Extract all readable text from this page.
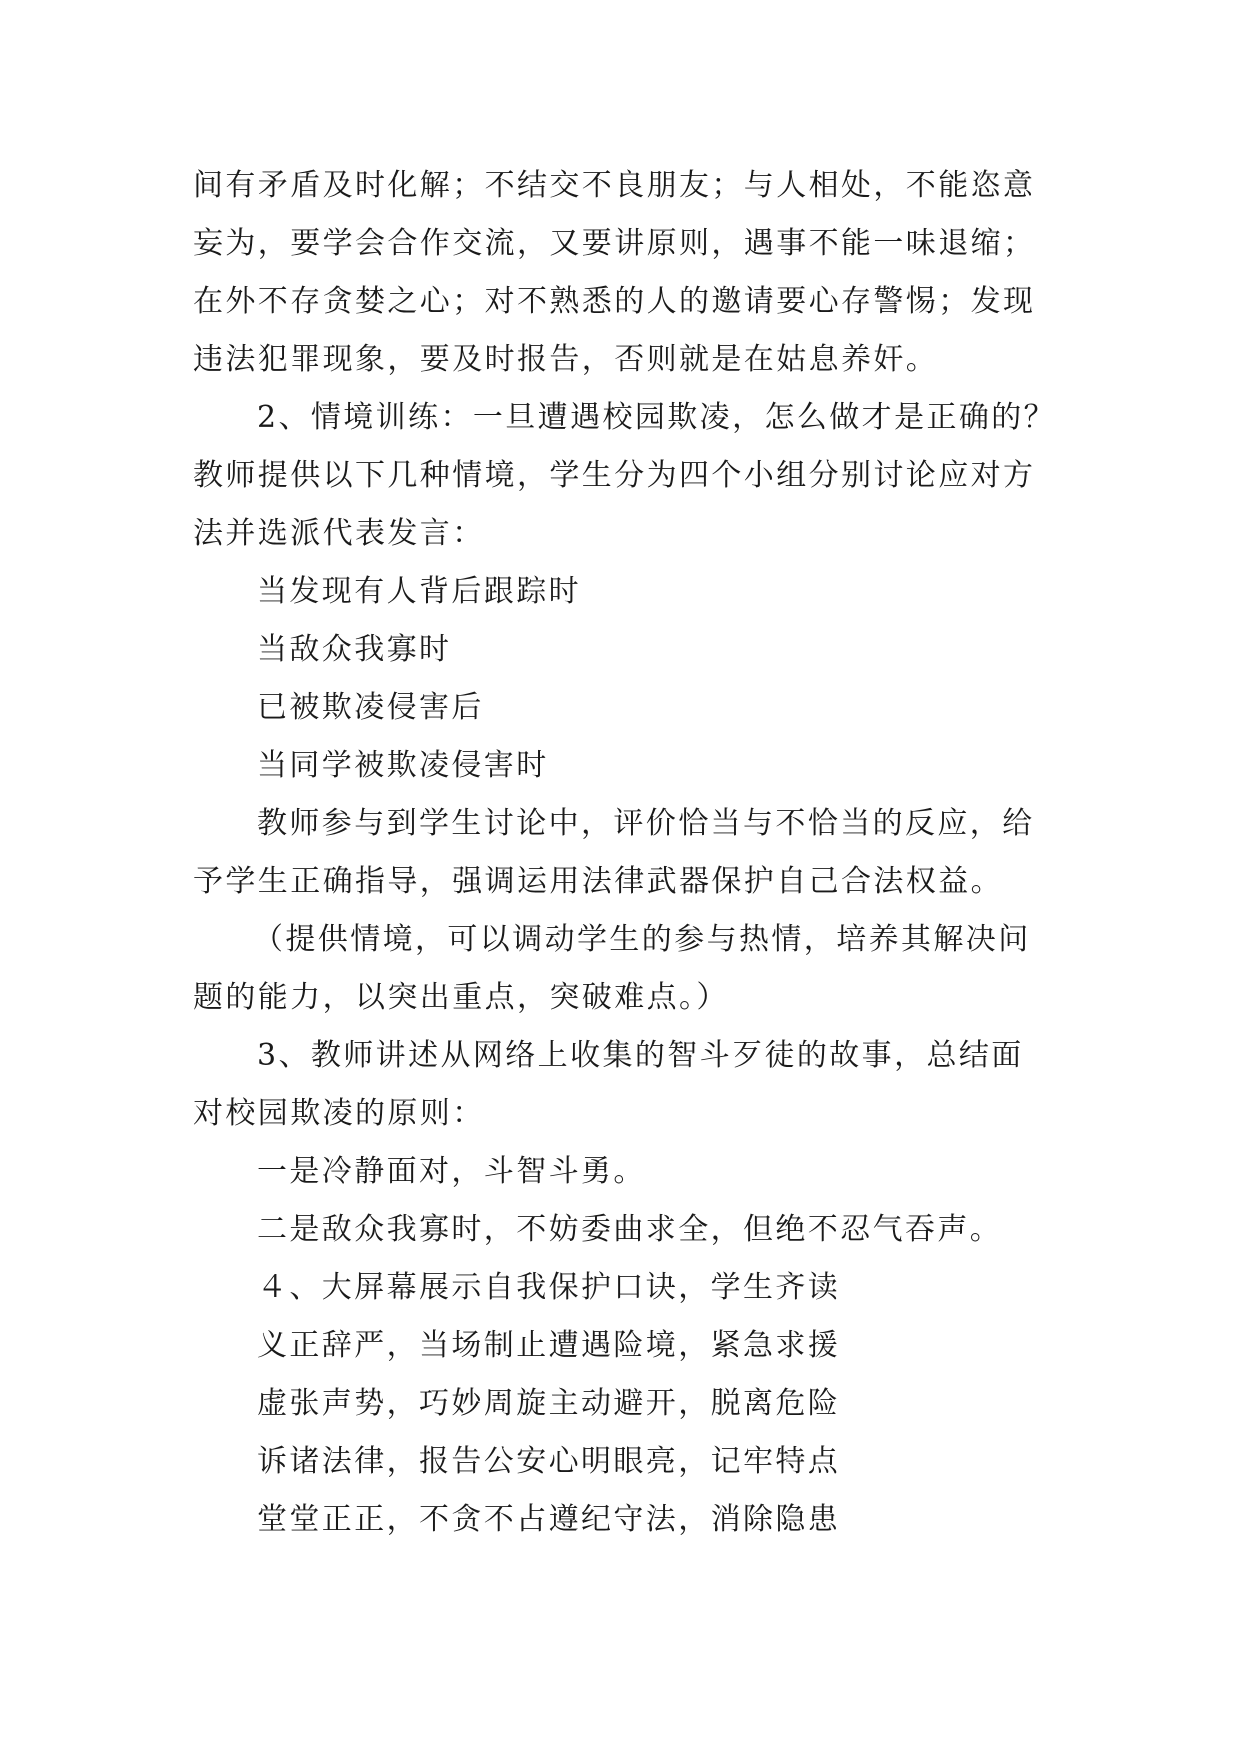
间有矛盾及时化解；不结交不良朋友；与人相处，不能恣意
妄为，要学会合作交流，又要讲原则，遇事不能一味退缩；
在外不存贪婪之心；对不熟悉的人的邀请要心存警惕；发现
违法犯罪现象，要及时报告，否则就是在姑息养奸。
2、情境训练：一旦遭遇校园欺凌，怎么做才是正确的？
教师提供以下几种情境，学生分为四个小组分别讨论应对方
法并选派代表发言：
当发现有人背后跟踪时
当敌众我寡时
已被欺凌侵害后
当同学被欺凌侵害时
教师参与到学生讨论中，评价恰当与不恰当的反应，给
予学生正确指导，强调运用法律武器保护自己合法权益。
（提供情境，可以调动学生的参与热情，培养其解决问
题的能力，以突出重点，突破难点。）
3、教师讲述从网络上收集的智斗歹徒的故事，总结面
对校园欺凌的原则：
一是冷静面对，斗智斗勇。
二是敌众我寡时，不妨委曲求全，但绝不忍气吞声。
４、大屏幕展示自我保护口诀，学生齐读
义正辞严，当场制止遭遇险境，紧急求援
虚张声势，巧妙周旋主动避开，脱离危险
诉诸法律，报告公安心明眼亮，记牢特点
堂堂正正，不贪不占遵纪守法，消除隐患
